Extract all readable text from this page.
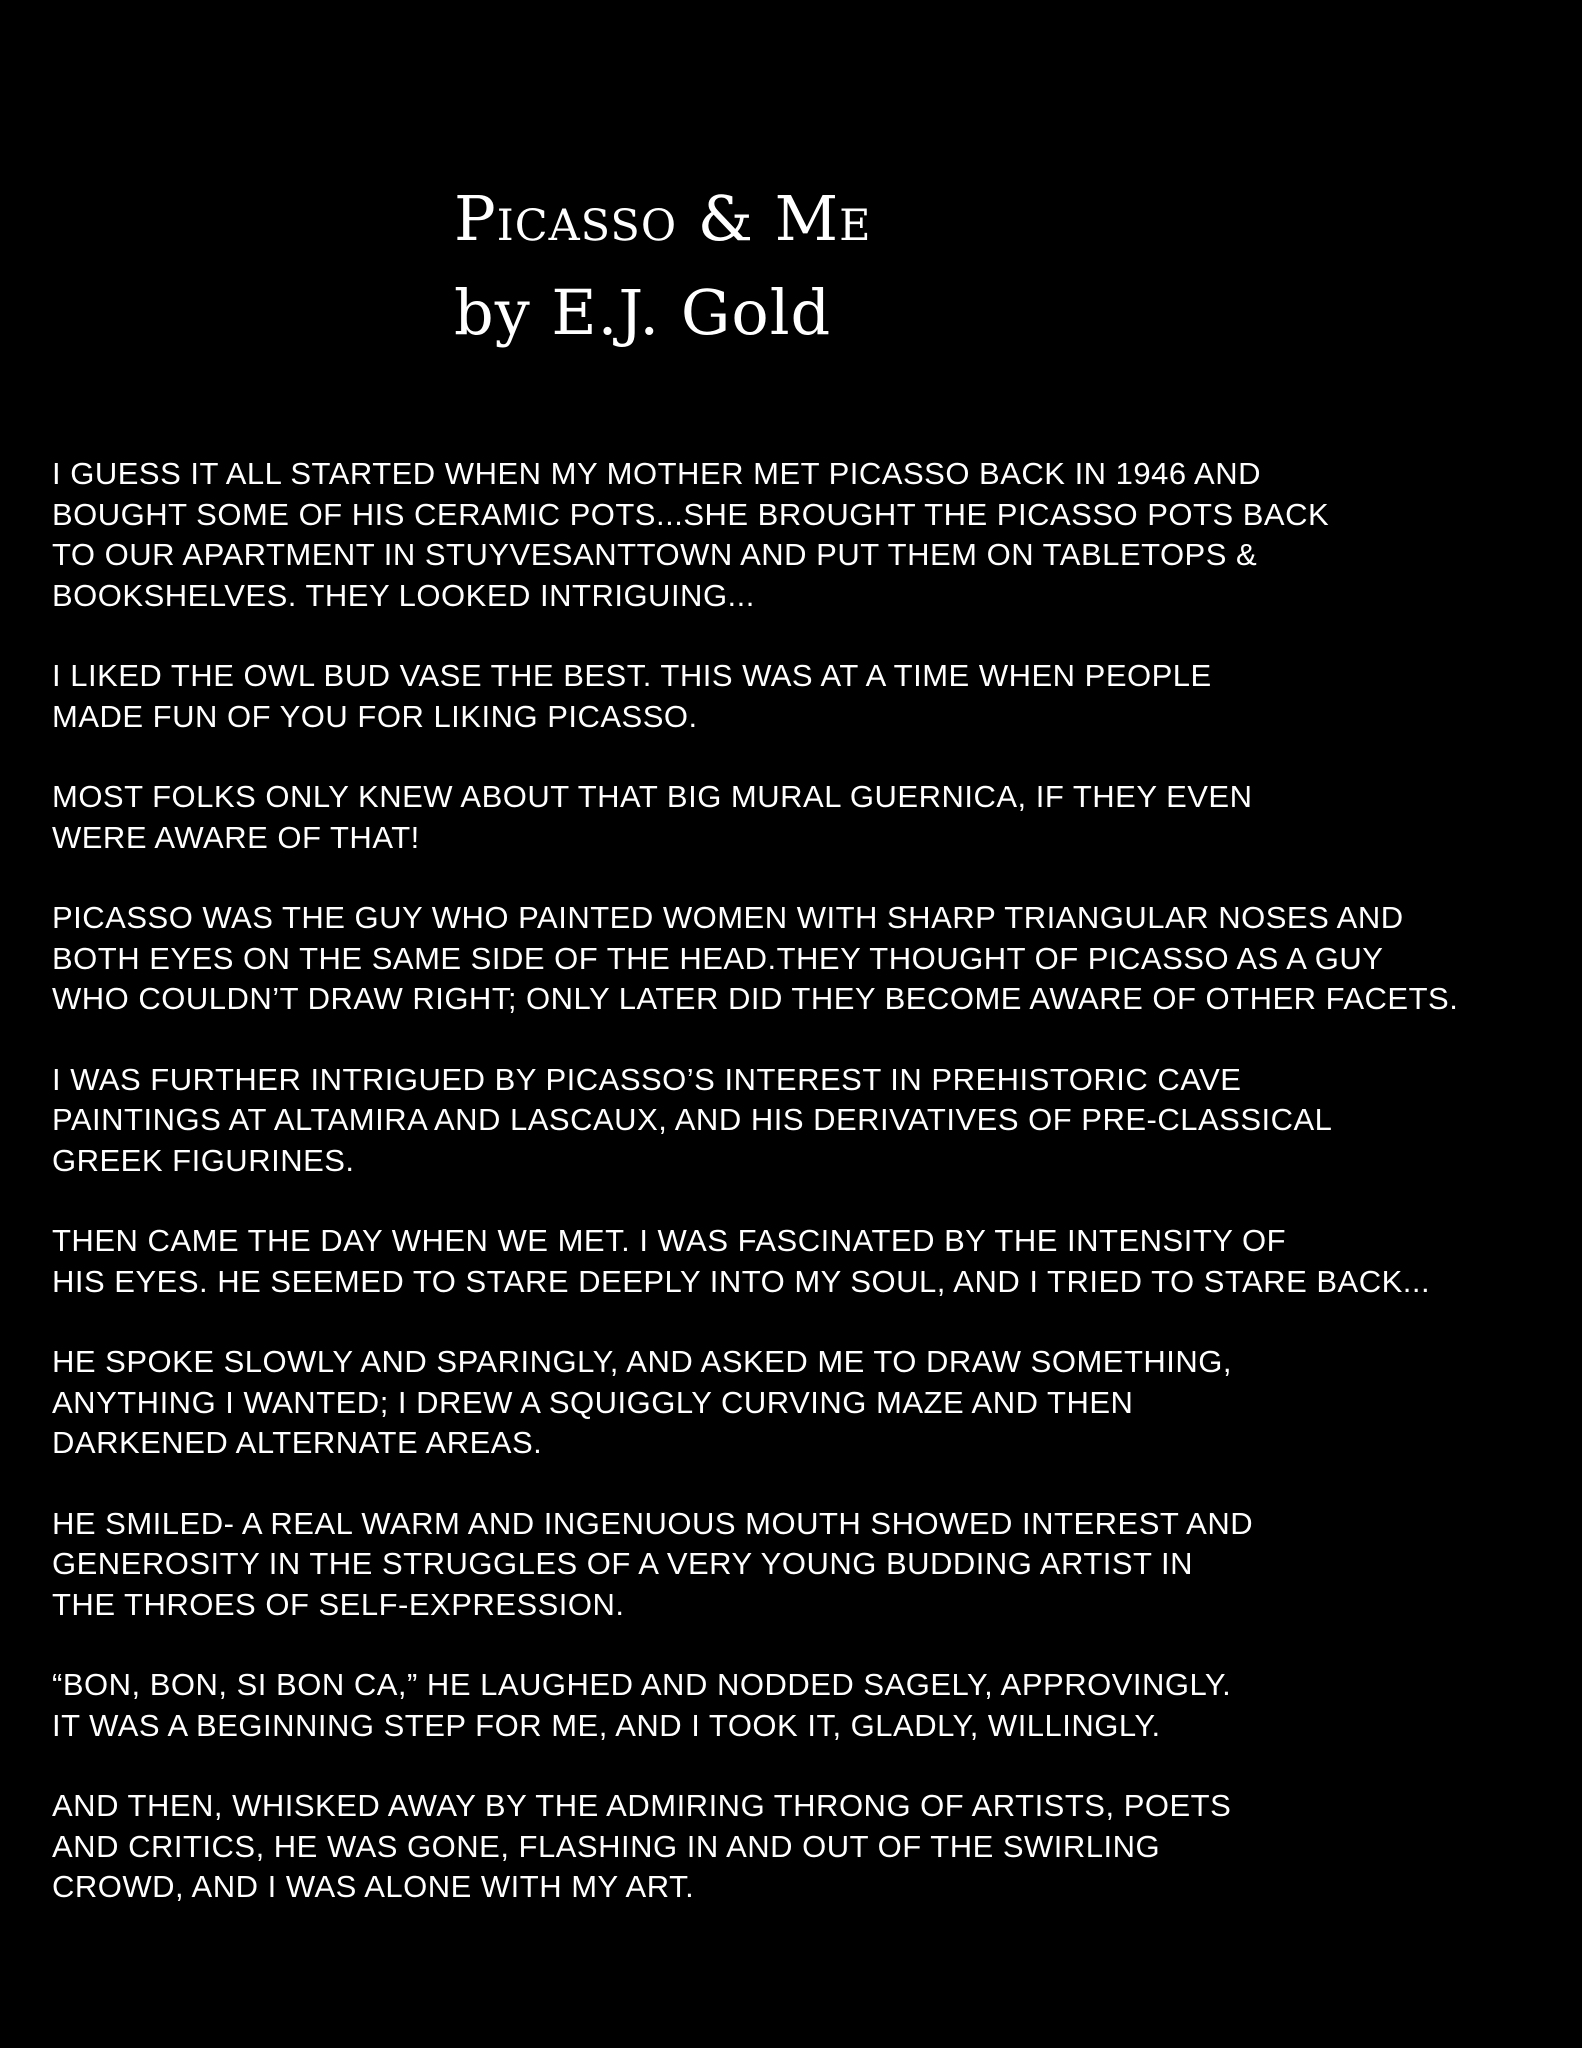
Picasso & Me

by E.J. Gold

I GUESS IT ALL STARTED WHEN MY MOTHER MET PICASSO BACK IN 1946 AND
BOUGHT SOME OF HIS CERAMIC POTS...SHE BROUGHT THE PICASSO POTS BACK
TO OUR APARTMENT IN STUYVESANTTOWN AND PUT THEM ON TABLETOPS &
BOOKSHELVES. THEY LOOKED INTRIGUING...

I LIKED THE OWL BUD VASE THE BEST. THIS WAS AT A TIME WHEN PEOPLE
MADE FUN OF YOU FOR LIKING PICASSO.

MOST FOLKS ONLY KNEW ABOUT THAT BIG MURAL GUERNICA, IF THEY EVEN
WERE AWARE OF THAT!

PICASSO WAS THE GUY WHO PAINTED WOMEN WITH SHARP TRIANGULAR NOSES AND
BOTH EYES ON THE SAME SIDE OF THE HEAD.THEY THOUGHT OF PICASSO AS A GUY
WHO COULDN’T DRAW RIGHT; ONLY LATER DID THEY BECOME AWARE OF OTHER FACETS.

I WAS FURTHER INTRIGUED BY PICASSO’S INTEREST IN PREHISTORIC CAVE
PAINTINGS AT ALTAMIRA AND LASCAUX, AND HIS DERIVATIVES OF PRE-CLASSICAL
GREEK FIGURINES.

THEN CAME THE DAY WHEN WE MET. I WAS FASCINATED BY THE INTENSITY OF
HIS EYES. HE SEEMED TO STARE DEEPLY INTO MY SOUL, AND I TRIED TO STARE BACK...

HE SPOKE SLOWLY AND SPARINGLY, AND ASKED ME TO DRAW SOMETHING,
ANYTHING I WANTED; I DREW A SQUIGGLY CURVING MAZE AND THEN
DARKENED ALTERNATE AREAS.

HE SMILED- A REAL WARM AND INGENUOUS MOUTH SHOWED INTEREST AND
GENEROSITY IN THE STRUGGLES OF A VERY YOUNG BUDDING ARTIST IN
THE THROES OF SELF-EXPRESSION.

“BON, BON, SI BON CA,” HE LAUGHED AND NODDED SAGELY, APPROVINGLY.
IT WAS A BEGINNING STEP FOR ME, AND I TOOK IT, GLADLY, WILLINGLY.

AND THEN, WHISKED AWAY BY THE ADMIRING THRONG OF ARTISTS, POETS
AND CRITICS, HE WAS GONE, FLASHING IN AND OUT OF THE SWIRLING
CROWD, AND I WAS ALONE WITH MY ART.
